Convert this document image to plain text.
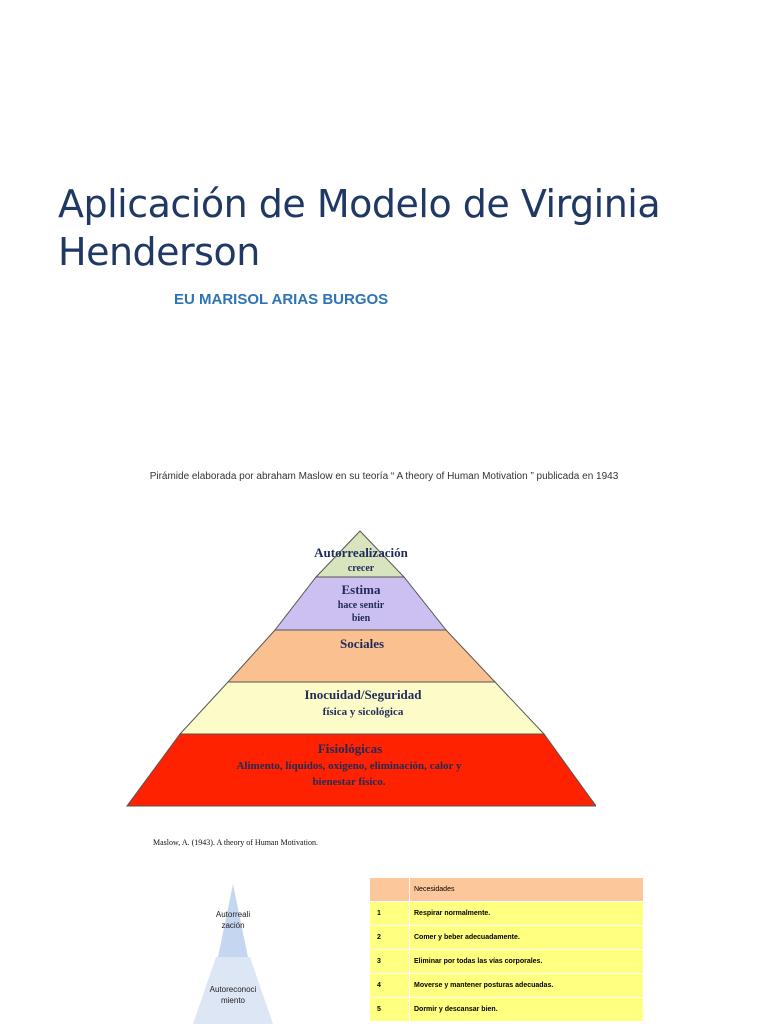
Aplicación de Modelo de Virginia Henderson
EU MARISOL ARIAS BURGOS
Pirámide elaborada por abraham Maslow en su teoría “ A theory of Human Motivation ” publicada en 1943
Autorrealización
crecer
Estima
hace sentir
bien
Sociales
Inocuidad/Seguridad
física y sicológica
Fisiológicas
Alimento, líquidos, oxigeno, eliminación, calor y
bienestar físico.
Maslow, A. (1943). A theory of Human Motivation.
Autorreali
zación
Autoreconoci
miento
	Necesidades
1	Respirar normalmente.
2	Comer y beber adecuadamente.
3	Eliminar por todas las vías corporales.
4	Moverse y mantener posturas adecuadas.
5	Dormir y descansar bien.
